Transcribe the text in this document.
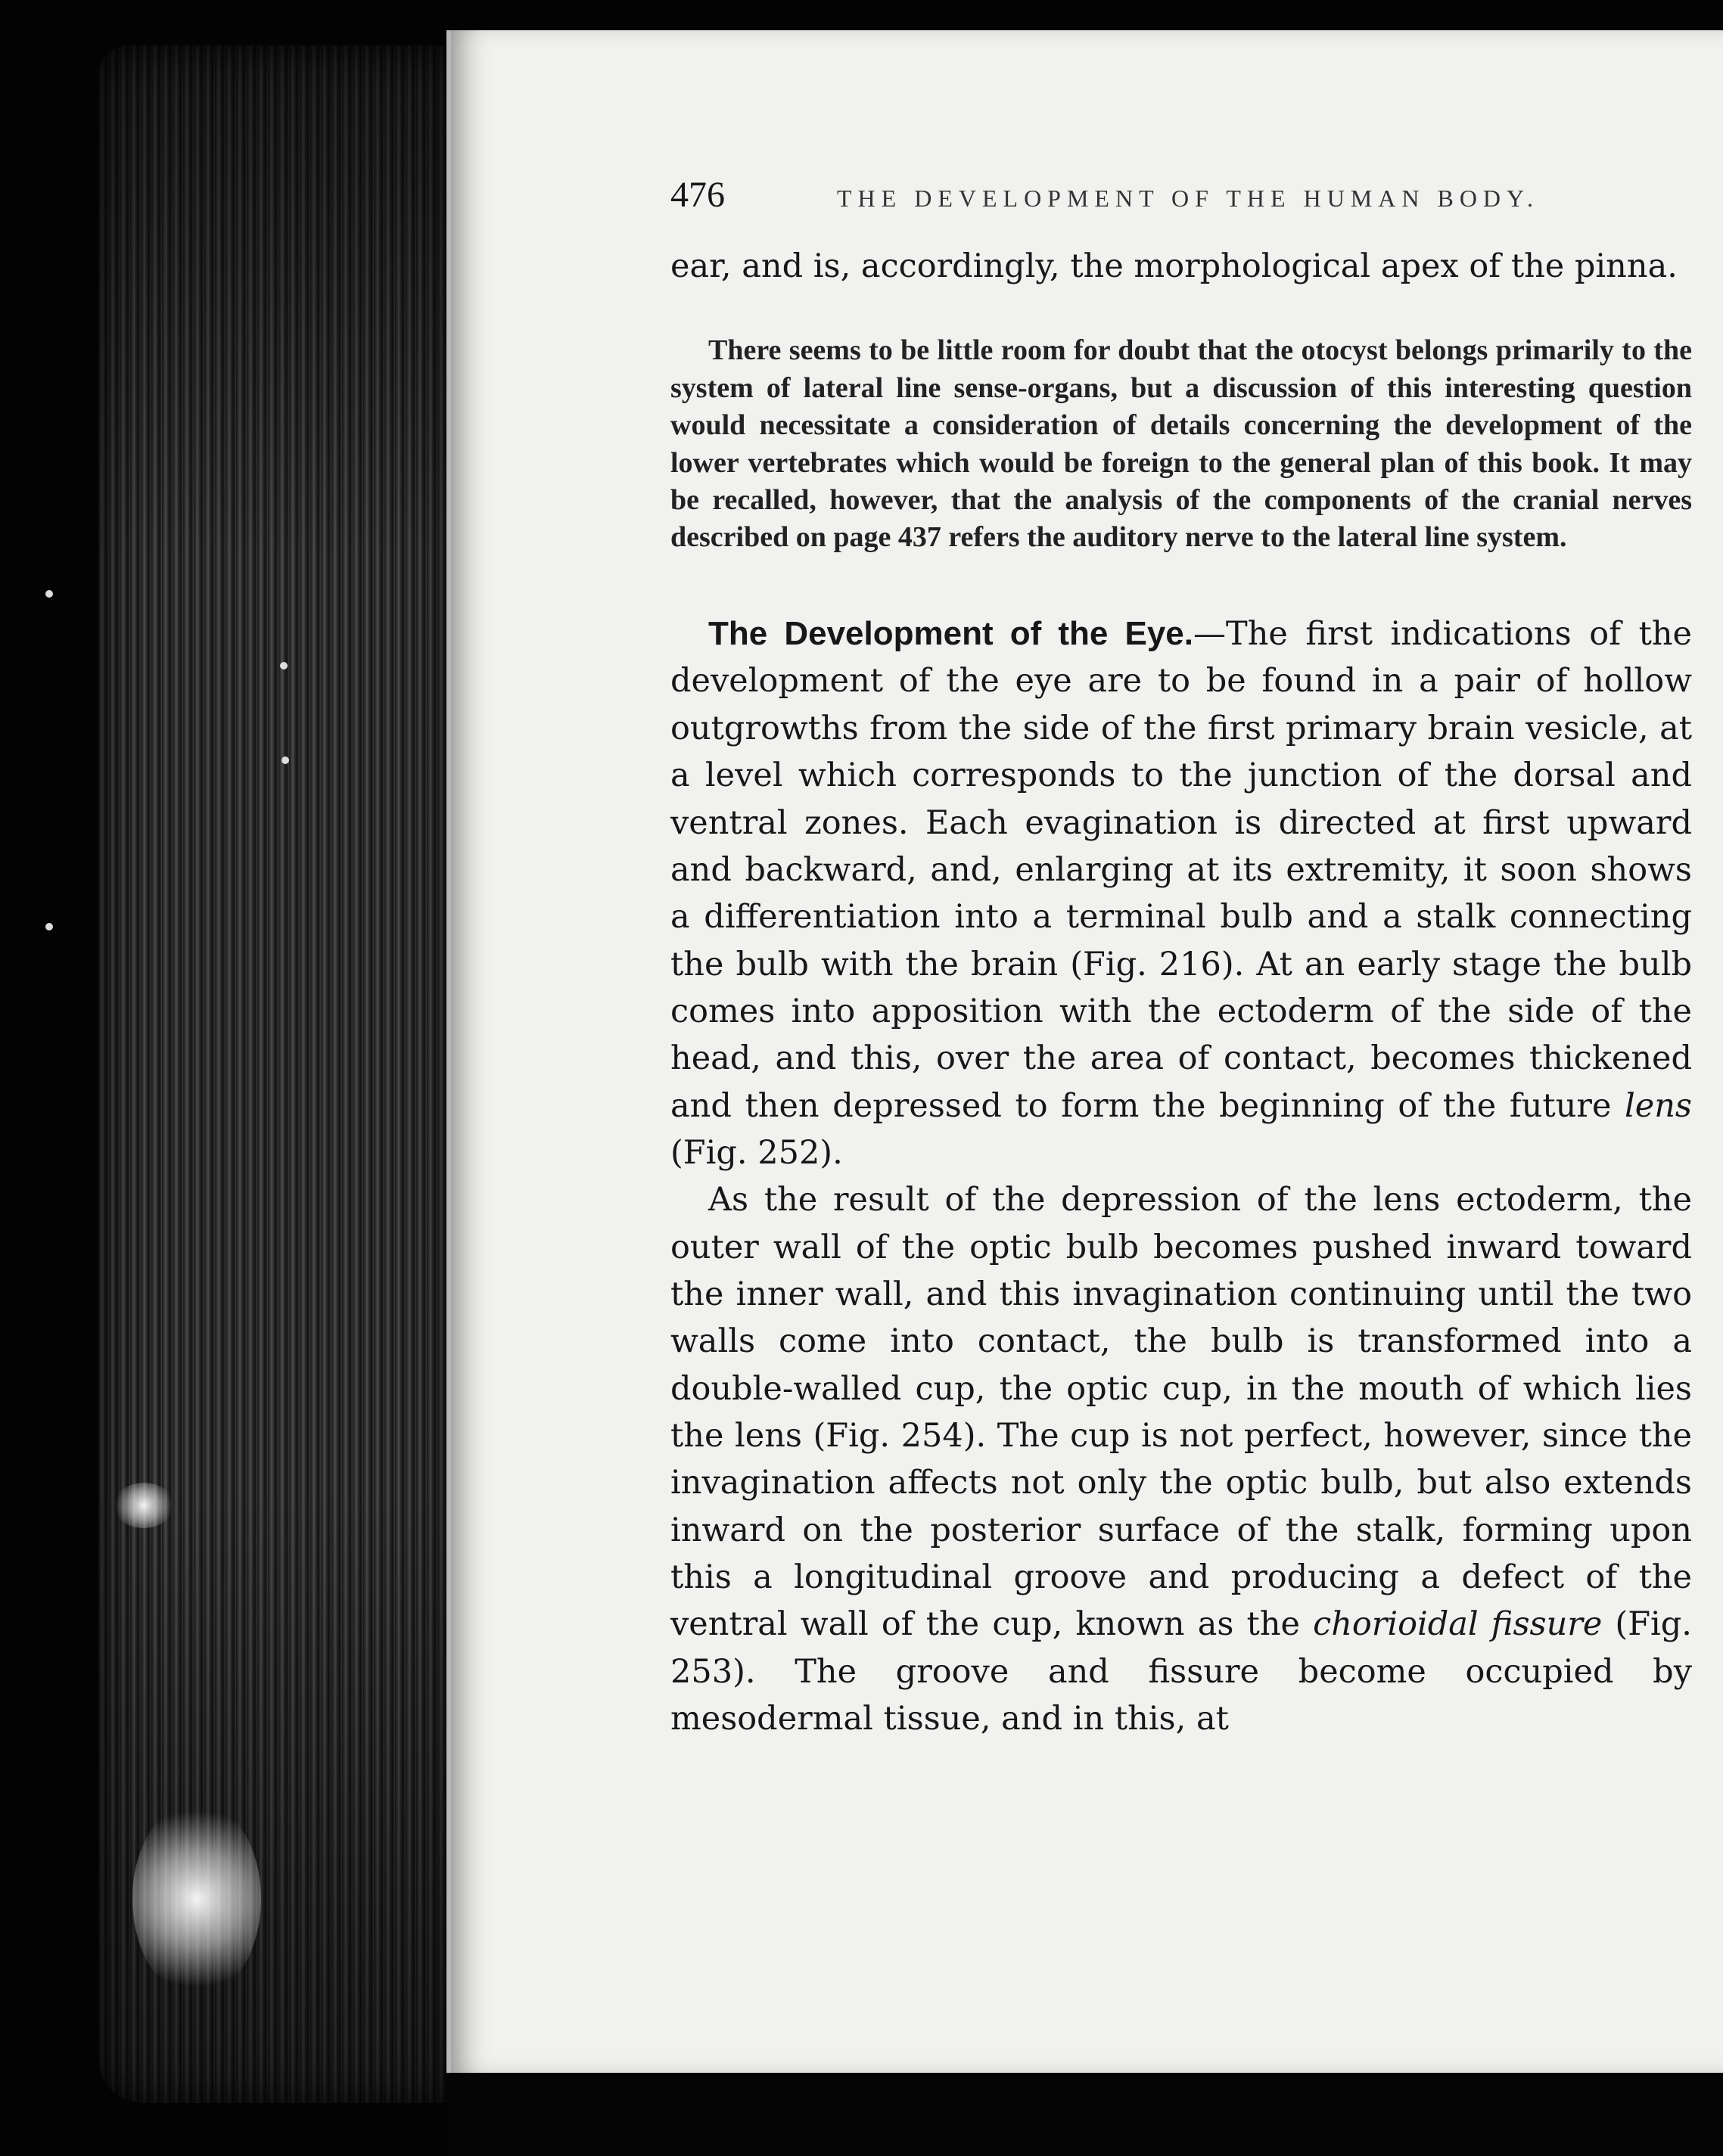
476	THE DEVELOPMENT OF THE HUMAN BODY.

ear, and is, accordingly, the morphological apex of the pinna.

There seems to be little room for doubt that the otocyst belongs primarily to the system of lateral line sense-organs, but a discussion of this interesting question would necessitate a consideration of details concerning the development of the lower vertebrates which would be foreign to the general plan of this book. It may be recalled, however, that the analysis of the components of the cranial nerves described on page 437 refers the auditory nerve to the lateral line system.

The Development of the Eye.—The first indications of the development of the eye are to be found in a pair of hollow outgrowths from the side of the first primary brain vesicle, at a level which corresponds to the junction of the dorsal and ventral zones. Each evagination is directed at first upward and backward, and, enlarging at its extremity, it soon shows a differentiation into a terminal bulb and a stalk connecting the bulb with the brain (Fig. 216). At an early stage the bulb comes into apposition with the ectoderm of the side of the head, and this, over the area of contact, becomes thickened and then depressed to form the beginning of the future lens (Fig. 252).

As the result of the depression of the lens ectoderm, the outer wall of the optic bulb becomes pushed inward toward the inner wall, and this invagination continuing until the two walls come into contact, the bulb is transformed into a double-walled cup, the optic cup, in the mouth of which lies the lens (Fig. 254). The cup is not perfect, however, since the invagination affects not only the optic bulb, but also extends inward on the posterior surface of the stalk, forming upon this a longitudinal groove and producing a defect of the ventral wall of the cup, known as the chorioidal fissure (Fig. 253). The groove and fissure become occupied by mesodermal tissue, and in this, at
